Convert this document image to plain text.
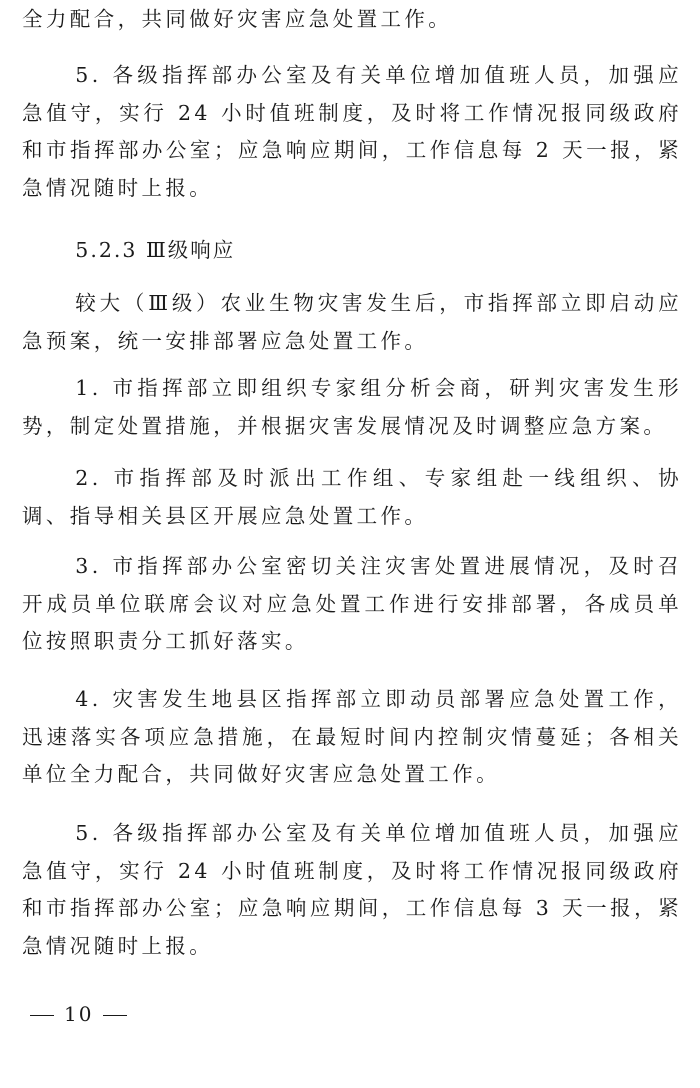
全力配合，共同做好灾害应急处置工作。

5. 各级指挥部办公室及有关单位增加值班人员，加强应急值守，实行 24 小时值班制度，及时将工作情况报同级政府和市指挥部办公室；应急响应期间，工作信息每 2 天一报，紧急情况随时上报。

5.2.3 Ⅲ级响应

较大（Ⅲ级）农业生物灾害发生后，市指挥部立即启动应急预案，统一安排部署应急处置工作。

1. 市指挥部立即组织专家组分析会商，研判灾害发生形势，制定处置措施，并根据灾害发展情况及时调整应急方案。

2. 市指挥部及时派出工作组、专家组赴一线组织、协调、指导相关县区开展应急处置工作。

3. 市指挥部办公室密切关注灾害处置进展情况，及时召开成员单位联席会议对应急处置工作进行安排部署，各成员单位按照职责分工抓好落实。

4. 灾害发生地县区指挥部立即动员部署应急处置工作，迅速落实各项应急措施，在最短时间内控制灾情蔓延；各相关单位全力配合，共同做好灾害应急处置工作。

5. 各级指挥部办公室及有关单位增加值班人员，加强应急值守，实行 24 小时值班制度，及时将工作情况报同级政府和市指挥部办公室；应急响应期间，工作信息每 3 天一报，紧急情况随时上报。

10
